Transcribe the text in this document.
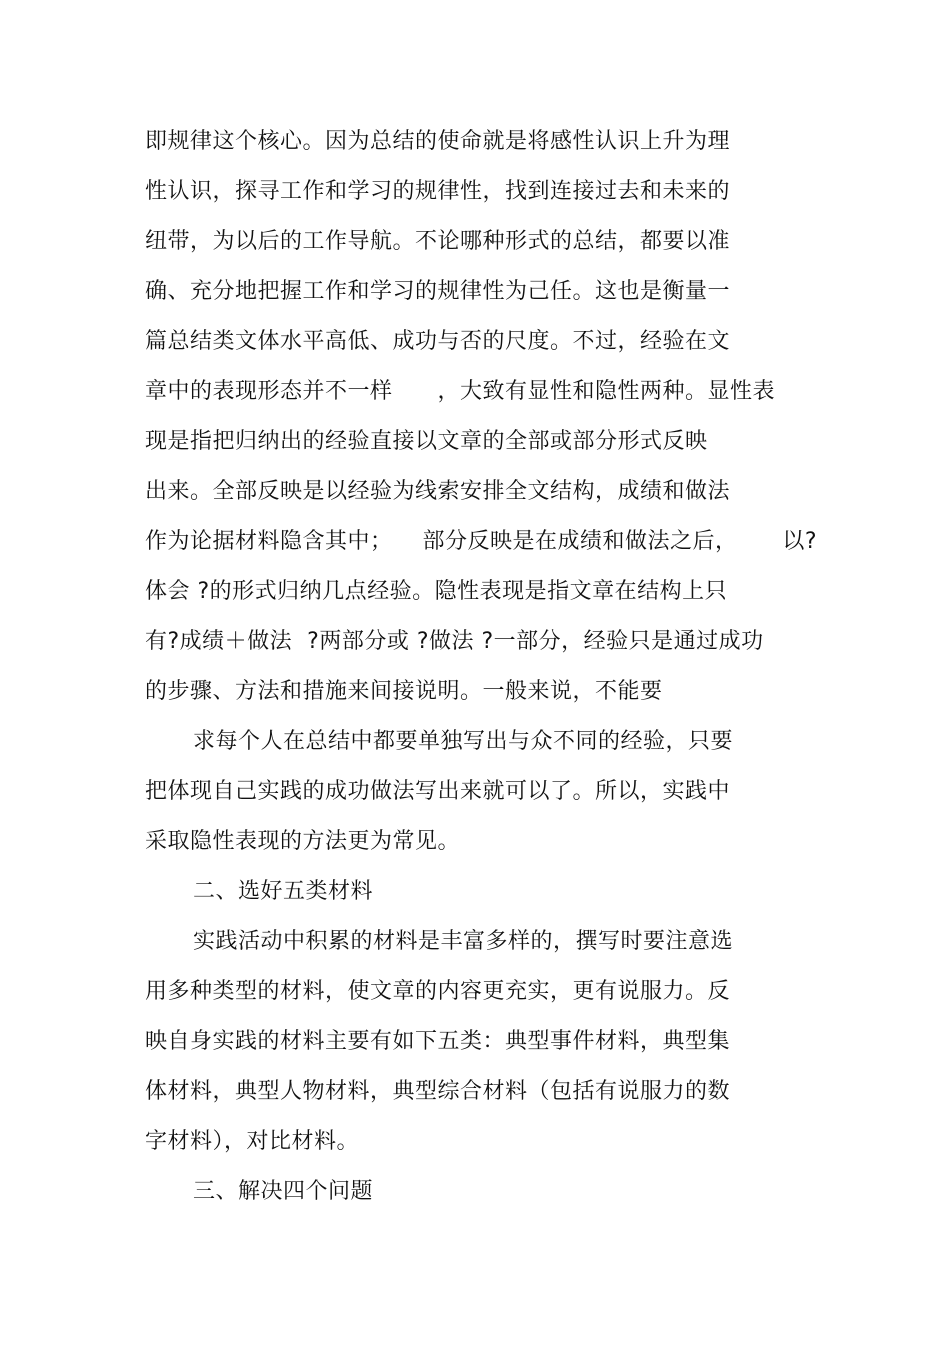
即规律这个核心。因为总结的使命就是将感性认识上升为理
性认识，探寻工作和学习的规律性，找到连接过去和未来的
纽带，为以后的工作导航。不论哪种形式的总结，都要以准
确、充分地把握工作和学习的规律性为己任。这也是衡量一
篇总结类文体水平高低、成功与否的尺度。不过，经验在文
章中的表现形态并不一样      ，大致有显性和隐性两种。显性表
现是指把归纳出的经验直接以文章的全部或部分形式反映
出来。全部反映是以经验为线索安排全文结构，成绩和做法
作为论据材料隐含其中；    部分反映是在成绩和做法之后，      以?
体会 ?的形式归纳几点经验。隐性表现是指文章在结构上只
有?成绩＋做法  ?两部分或 ?做法 ?一部分，经验只是通过成功
的步骤、方法和措施来间接说明。一般来说，不能要
求每个人在总结中都要单独写出与众不同的经验，只要
把体现自己实践的成功做法写出来就可以了。所以，实践中
采取隐性表现的方法更为常见。
二、选好五类材料
实践活动中积累的材料是丰富多样的，撰写时要注意选
用多种类型的材料，使文章的内容更充实，更有说服力。反
映自身实践的材料主要有如下五类：典型事件材料，典型集
体材料，典型人物材料，典型综合材料（包括有说服力的数
字材料），对比材料。
三、解决四个问题
